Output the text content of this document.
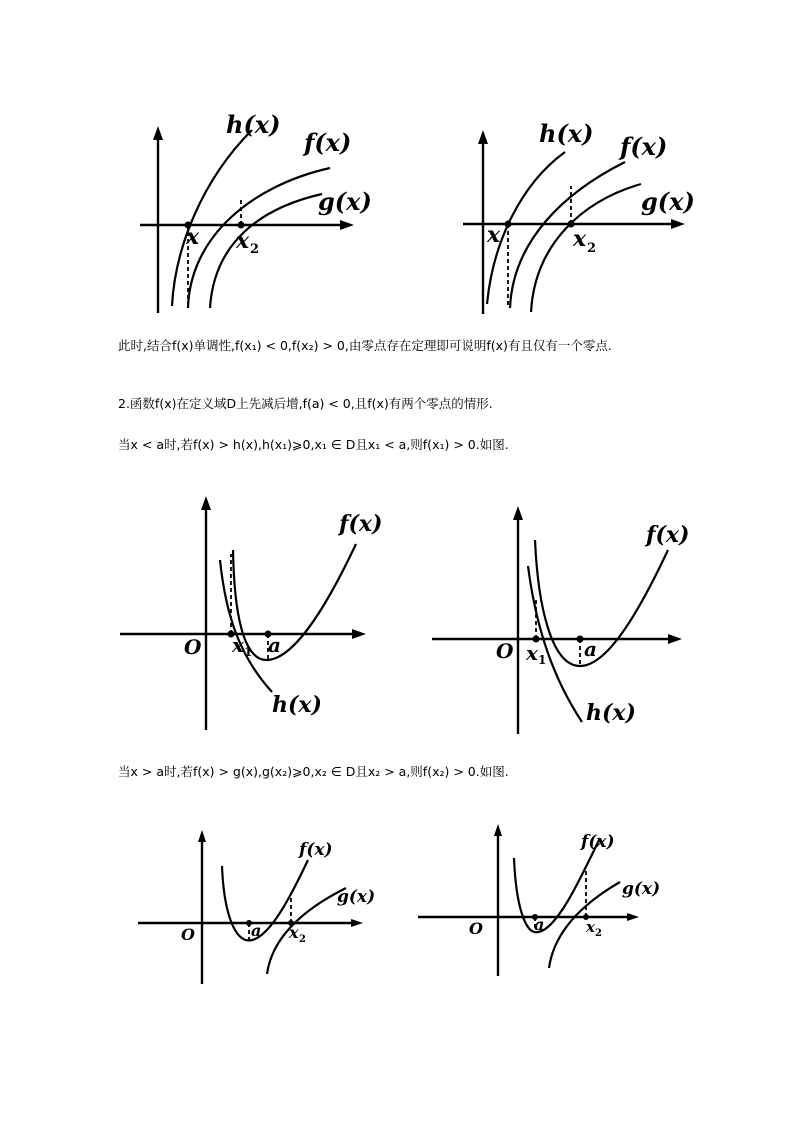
h(x)
f(x)
g(x)
x x 2
h(x) f(x)
g(x)
x	x 2
此时,结合f(x)单调性,f(x₁) < 0,f(x₂) > 0,由零点存在定理即可说明f(x)有且仅有一个零点.
2.函数f(x)在定义域D上先减后增,f(a) < 0,且f(x)有两个零点的情形.
当x < a时,若f(x) > h(x),h(x₁)⩾0,x₁ ∈ D且x₁ < a,则f(x₁) > 0.如图.
f(x)
h(x)
O x 1 a
f(x)
h(x)
O x 1 a
当x > a时,若f(x) > g(x),g(x₂)⩾0,x₂ ∈ D且x₂ > a,则f(x₂) > 0.如图.
f(x)
g(x)
O	a x 2
f(x)
g(x)
O	a	x 2
